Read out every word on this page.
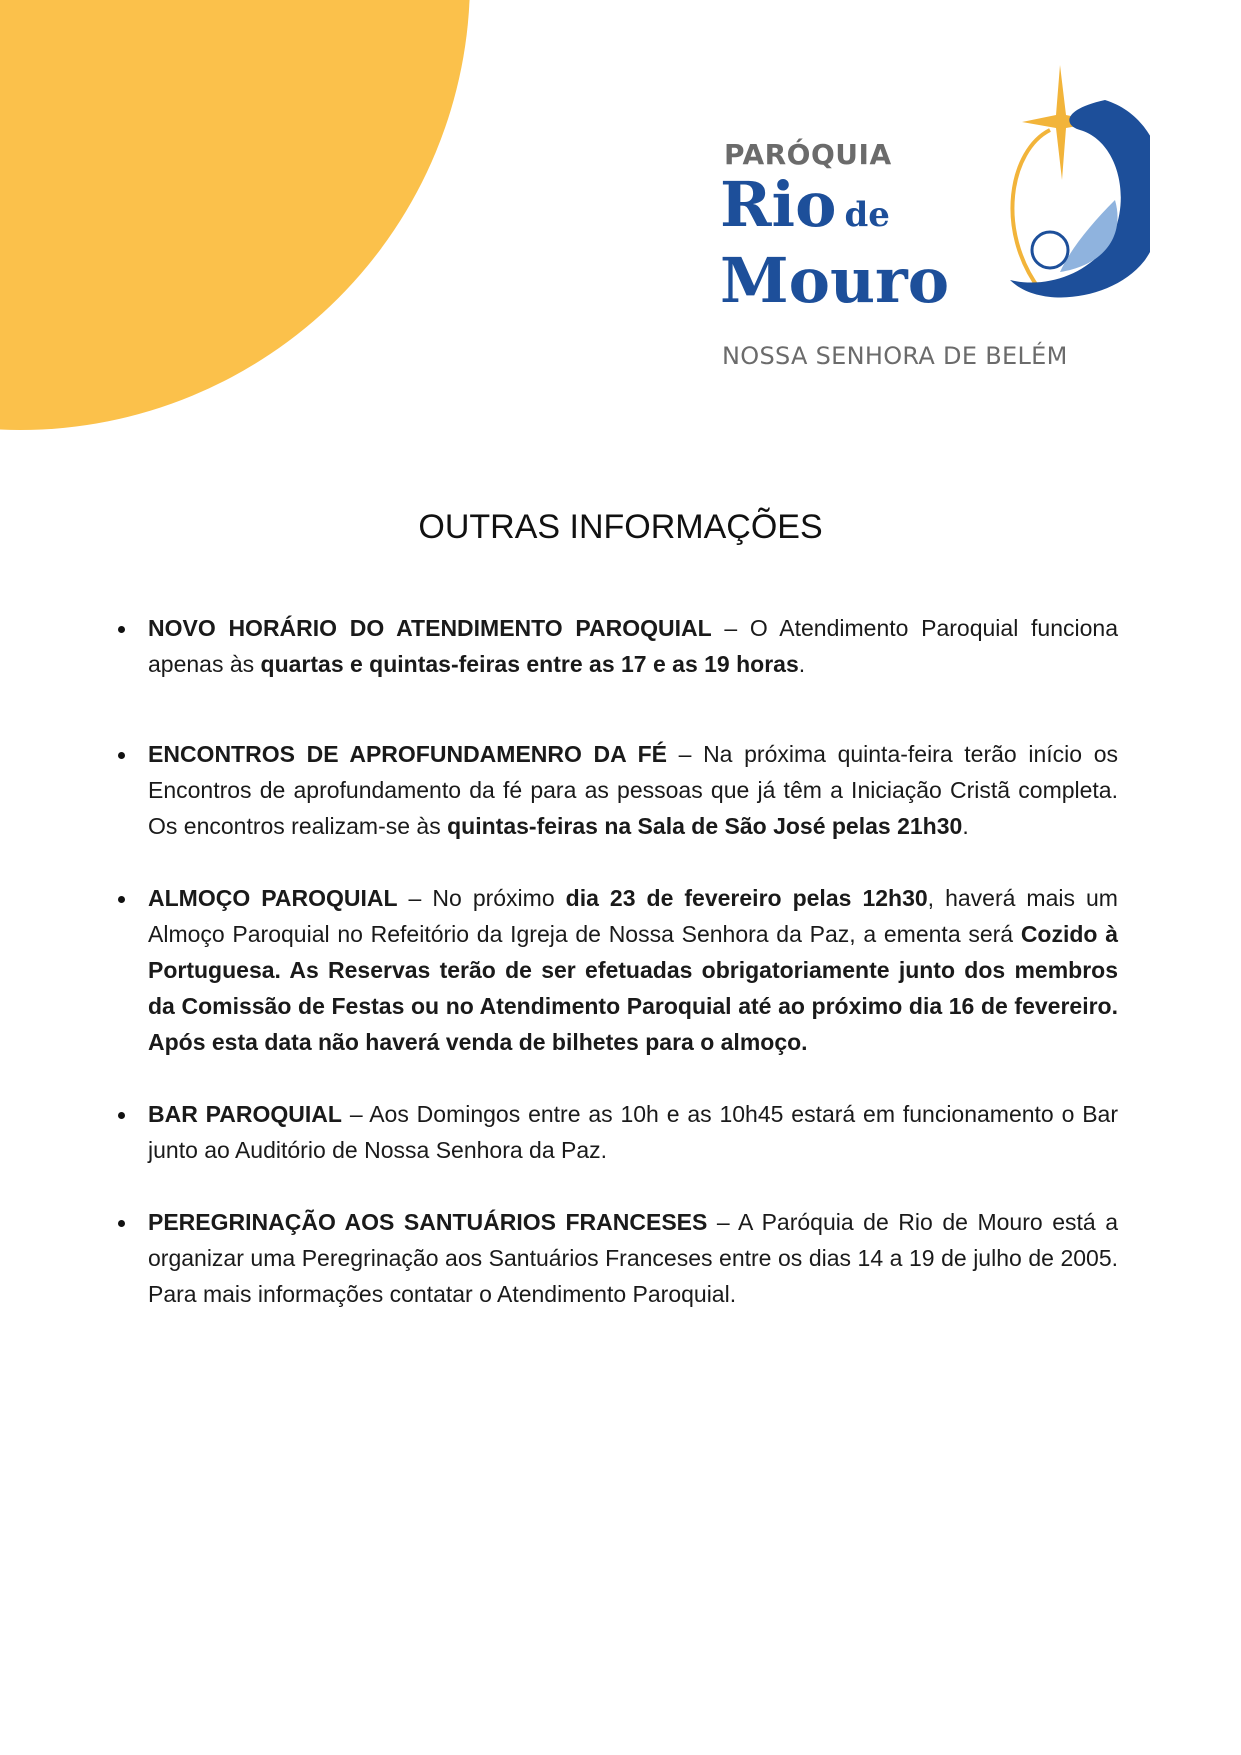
PARÓQUIA
Rio de
Mouro
NOSSA SENHORA DE BELÉM
OUTRAS INFORMAÇÕES
NOVO HORÁRIO DO ATENDIMENTO PAROQUIAL – O Atendimento Paroquial funciona apenas às quartas e quintas-feiras entre as 17 e as 19 horas.
ENCONTROS DE APROFUNDAMENRO DA FÉ – Na próxima quinta-feira terão início os Encontros de aprofundamento da fé para as pessoas que já têm a Iniciação Cristã completa. Os encontros realizam-se às quintas-feiras na Sala de São José pelas 21h30.
ALMOÇO PAROQUIAL – No próximo dia 23 de fevereiro pelas 12h30, haverá mais um Almoço Paroquial no Refeitório da Igreja de Nossa Senhora da Paz, a ementa será Cozido à Portuguesa. As Reservas terão de ser efetuadas obrigatoriamente junto dos membros da Comissão de Festas ou no Atendimento Paroquial até ao próximo dia 16 de fevereiro. Após esta data não haverá venda de bilhetes para o almoço.
BAR PAROQUIAL – Aos Domingos entre as 10h e as 10h45 estará em funcionamento o Bar junto ao Auditório de Nossa Senhora da Paz.
PEREGRINAÇÃO AOS SANTUÁRIOS FRANCESES – A Paróquia de Rio de Mouro está a organizar uma Peregrinação aos Santuários Franceses entre os dias 14 a 19 de julho de 2005. Para mais informações contatar o Atendimento Paroquial.
